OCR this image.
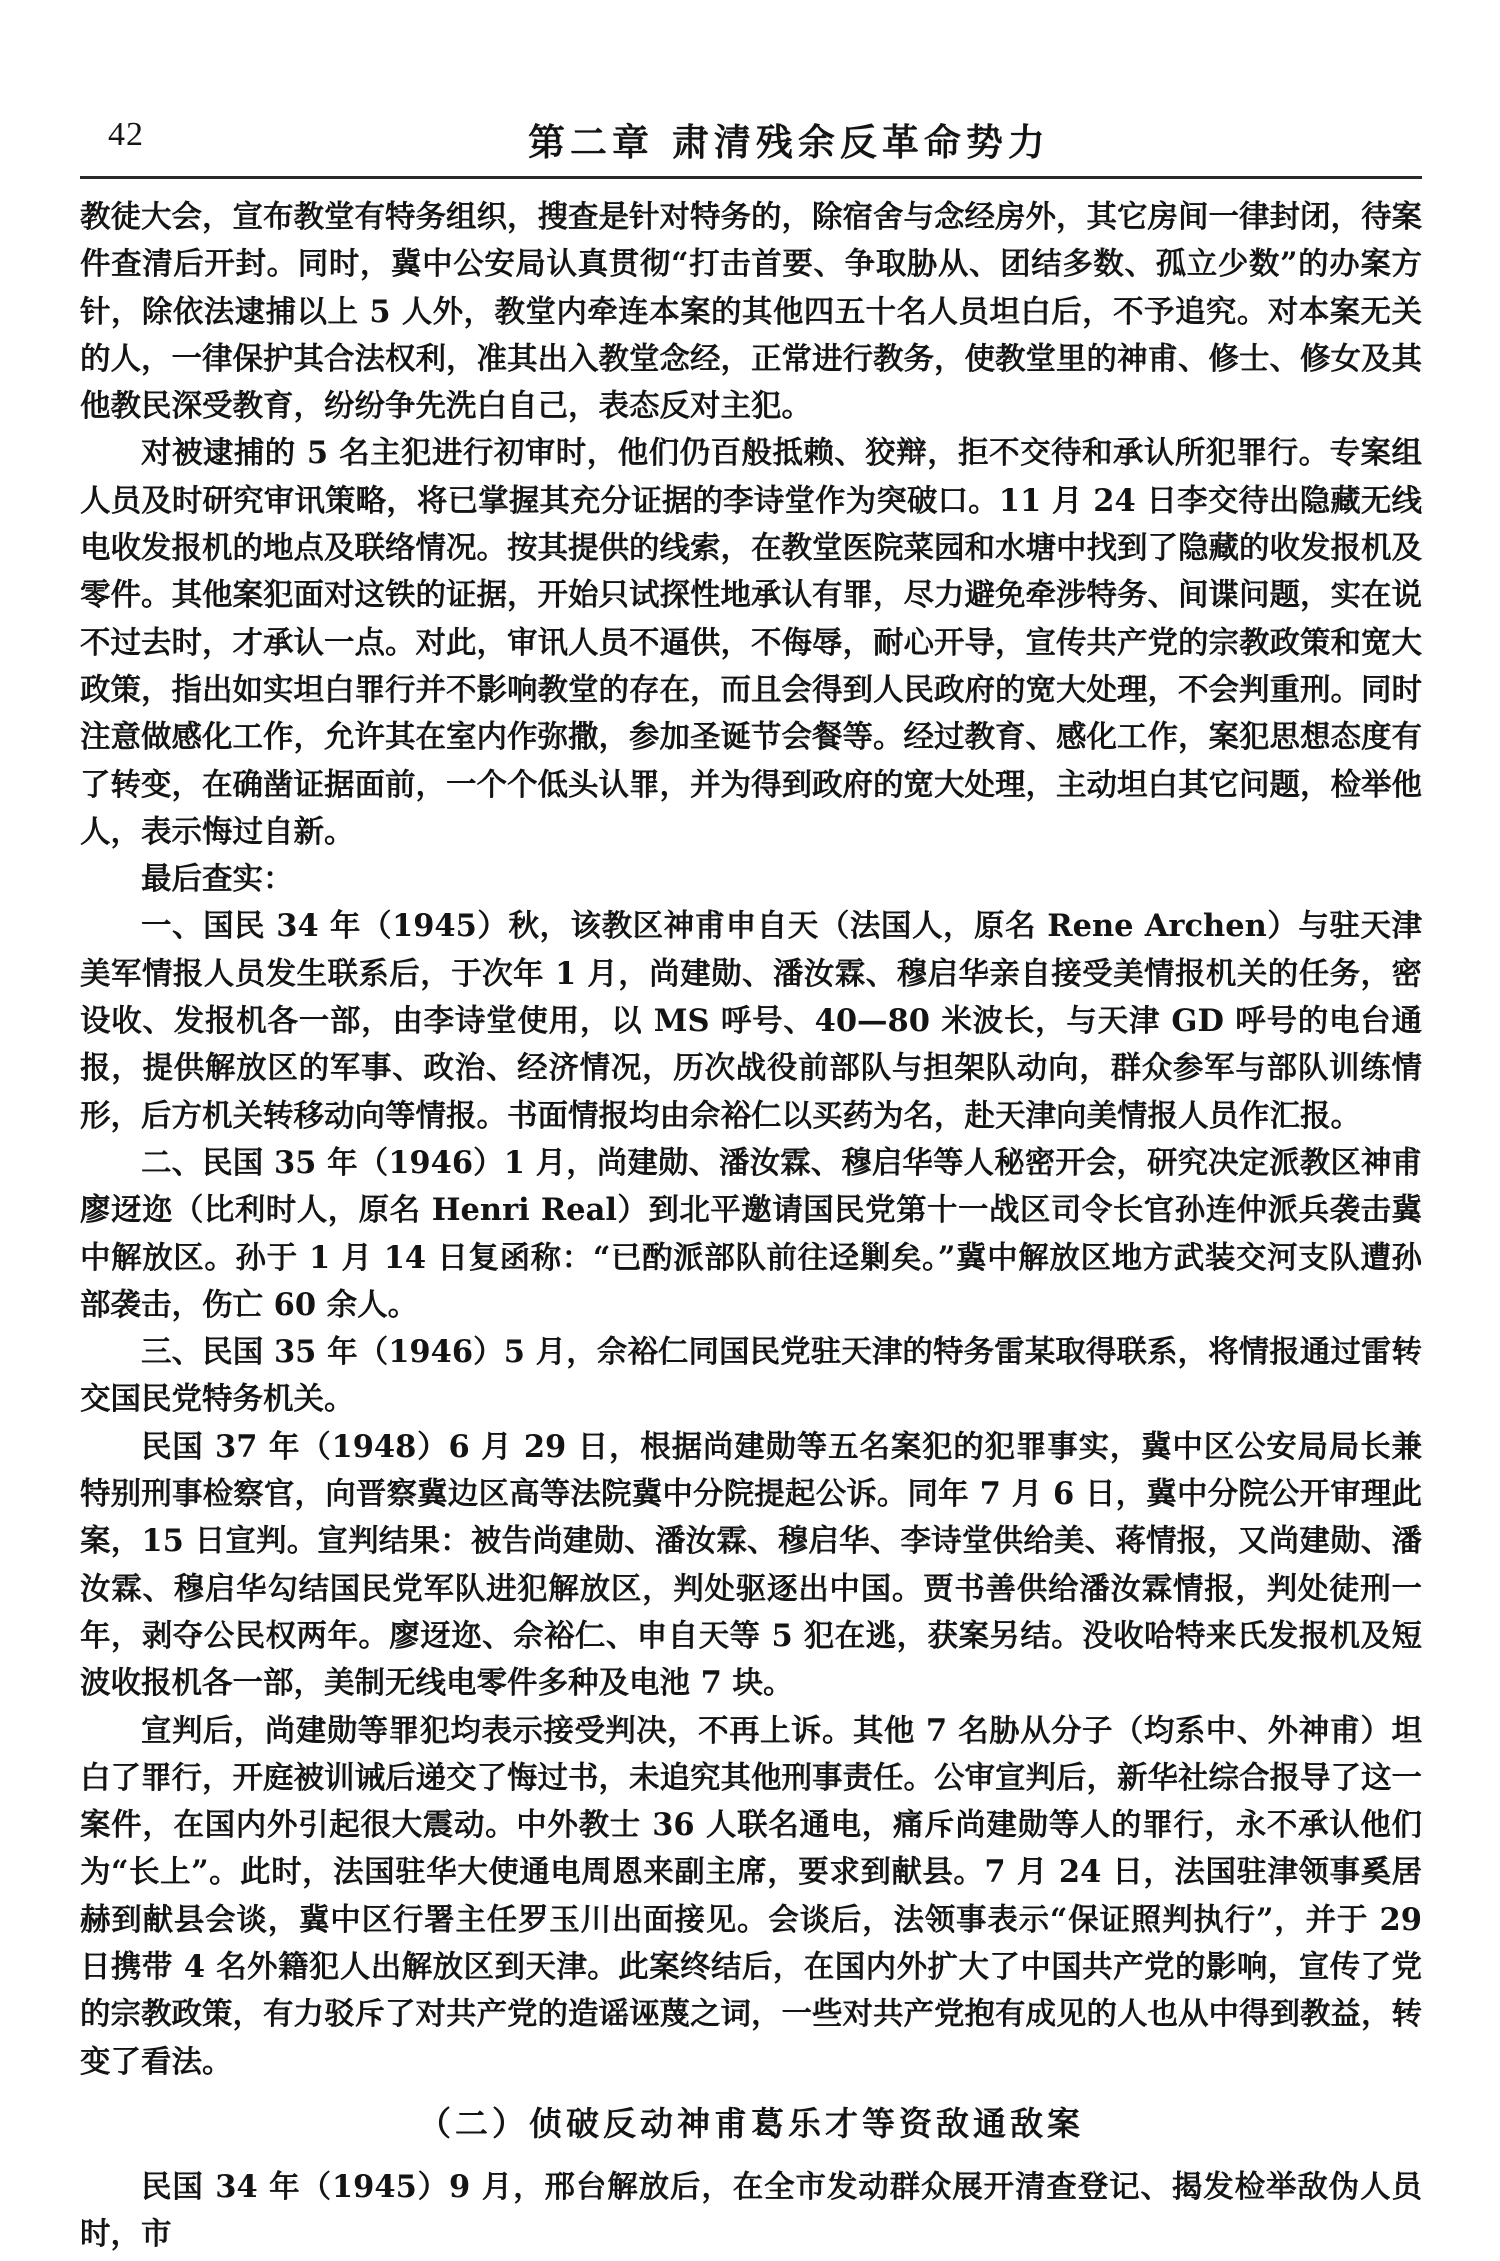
42	第二章 肃清残余反革命势力

教徒大会，宣布教堂有特务组织，搜查是针对特务的，除宿舍与念经房外，其它房间一律封闭，待案件查清后开封。同时，冀中公安局认真贯彻“打击首要、争取胁从、团结多数、孤立少数”的办案方针，除依法逮捕以上 5 人外，教堂内牵连本案的其他四五十名人员坦白后，不予追究。对本案无关的人，一律保护其合法权利，准其出入教堂念经，正常进行教务，使教堂里的神甫、修士、修女及其他教民深受教育，纷纷争先洗白自己，表态反对主犯。

对被逮捕的 5 名主犯进行初审时，他们仍百般抵赖、狡辩，拒不交待和承认所犯罪行。专案组人员及时研究审讯策略，将已掌握其充分证据的李诗堂作为突破口。11 月 24 日李交待出隐藏无线电收发报机的地点及联络情况。按其提供的线索，在教堂医院菜园和水塘中找到了隐藏的收发报机及零件。其他案犯面对这铁的证据，开始只试探性地承认有罪，尽力避免牵涉特务、间谍问题，实在说不过去时，才承认一点。对此，审讯人员不逼供，不侮辱，耐心开导，宣传共产党的宗教政策和宽大政策，指出如实坦白罪行并不影响教堂的存在，而且会得到人民政府的宽大处理，不会判重刑。同时注意做感化工作，允许其在室内作弥撒，参加圣诞节会餐等。经过教育、感化工作，案犯思想态度有了转变，在确凿证据面前，一个个低头认罪，并为得到政府的宽大处理，主动坦白其它问题，检举他人，表示悔过自新。

最后查实：

一、国民 34 年（1945）秋，该教区神甫申自天（法国人，原名 Rene Archen）与驻天津美军情报人员发生联系后，于次年 1 月，尚建勋、潘汝霖、穆启华亲自接受美情报机关的任务，密设收、发报机各一部，由李诗堂使用，以 MS 呼号、40—80 米波长，与天津 GD 呼号的电台通报，提供解放区的军事、政治、经济情况，历次战役前部队与担架队动向，群众参军与部队训练情形，后方机关转移动向等情报。书面情报均由佘裕仁以买药为名，赴天津向美情报人员作汇报。

二、民国 35 年（1946）1 月，尚建勋、潘汝霖、穆启华等人秘密开会，研究决定派教区神甫廖迓迩（比利时人，原名 Henri Real）到北平邀请国民党第十一战区司令长官孙连仲派兵袭击冀中解放区。孙于 1 月 14 日复函称：“已酌派部队前往迳剿矣。”冀中解放区地方武装交河支队遭孙部袭击，伤亡 60 余人。

三、民国 35 年（1946）5 月，佘裕仁同国民党驻天津的特务雷某取得联系，将情报通过雷转交国民党特务机关。

民国 37 年（1948）6 月 29 日，根据尚建勋等五名案犯的犯罪事实，冀中区公安局局长兼特别刑事检察官，向晋察冀边区高等法院冀中分院提起公诉。同年 7 月 6 日，冀中分院公开审理此案，15 日宣判。宣判结果：被告尚建勋、潘汝霖、穆启华、李诗堂供给美、蒋情报，又尚建勋、潘汝霖、穆启华勾结国民党军队进犯解放区，判处驱逐出中国。贾书善供给潘汝霖情报，判处徒刑一年，剥夺公民权两年。廖迓迩、佘裕仁、申自天等 5 犯在逃，获案另结。没收哈特来氏发报机及短波收报机各一部，美制无线电零件多种及电池 7 块。

宣判后，尚建勋等罪犯均表示接受判决，不再上诉。其他 7 名胁从分子（均系中、外神甫）坦白了罪行，开庭被训诫后递交了悔过书，未追究其他刑事责任。公审宣判后，新华社综合报导了这一案件，在国内外引起很大震动。中外教士 36 人联名通电，痛斥尚建勋等人的罪行，永不承认他们为“长上”。此时，法国驻华大使通电周恩来副主席，要求到献县。7 月 24 日，法国驻津领事奚居赫到献县会谈，冀中区行署主任罗玉川出面接见。会谈后，法领事表示“保证照判执行”，并于 29 日携带 4 名外籍犯人出解放区到天津。此案终结后，在国内外扩大了中国共产党的影响，宣传了党的宗教政策，有力驳斥了对共产党的造谣诬蔑之词，一些对共产党抱有成见的人也从中得到教益，转变了看法。

（二）侦破反动神甫葛乐才等资敌通敌案

民国 34 年（1945）9 月，邢台解放后，在全市发动群众展开清查登记、揭发检举敌伪人员时，市
